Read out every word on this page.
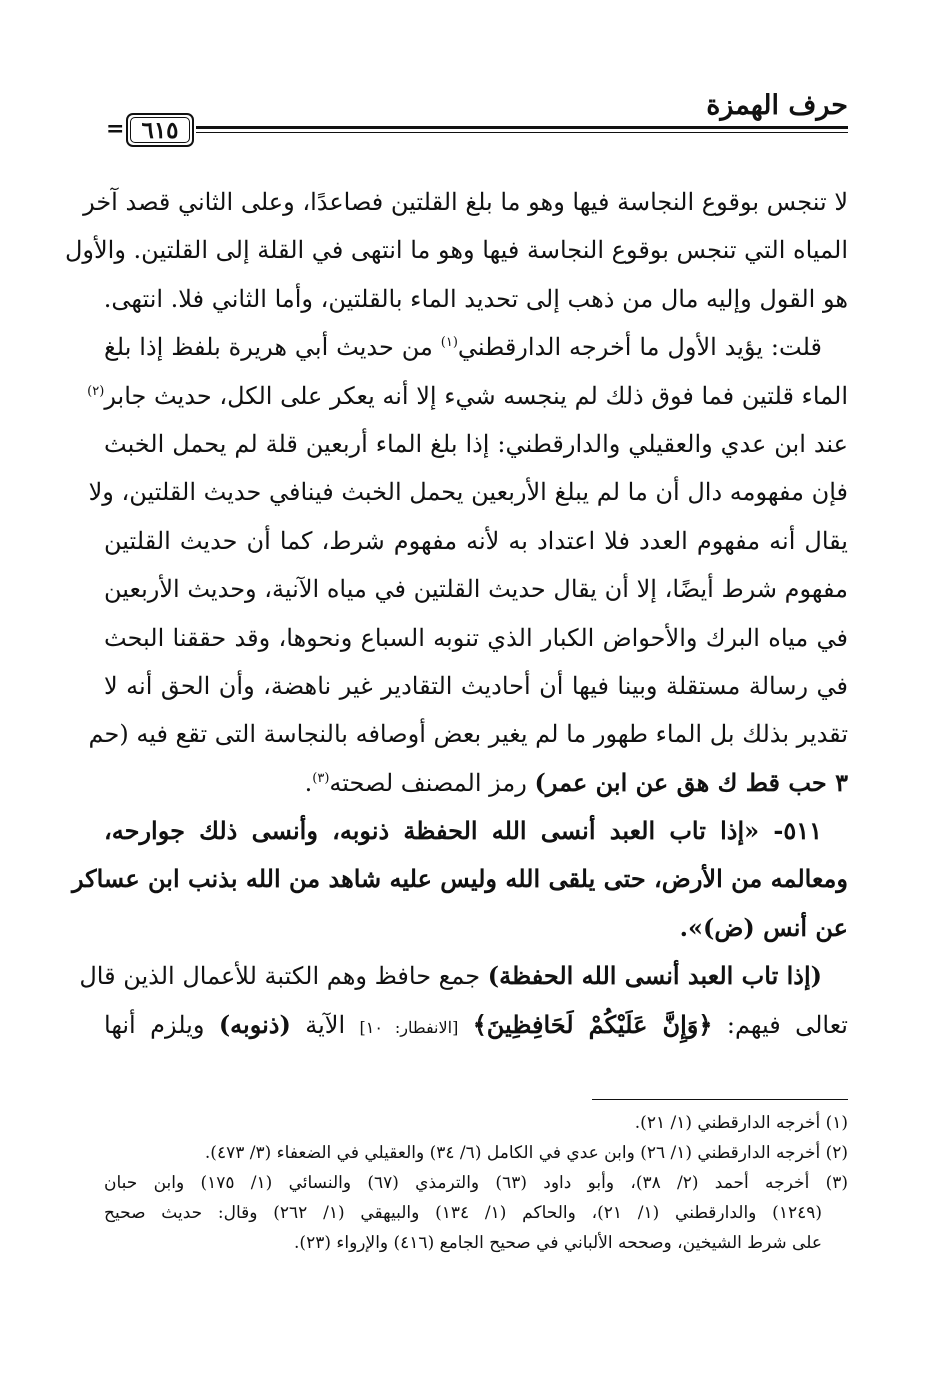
حرف الهمزة
٦١٥
=
لا تنجس بوقوع النجاسة فيها وهو ما بلغ القلتين فصاعدًا، وعلى الثاني قصد آخر
المياه التي تنجس بوقوع النجاسة فيها وهو ما انتهى في القلة إلى القلتين. والأول
هو القول وإليه مال من ذهب إلى تحديد الماء بالقلتين، وأما الثاني فلا. انتهى.
قلت: يؤيد الأول ما أخرجه الدارقطني$^{(١)}$ من حديث أبي هريرة بلفظ إذا بلغ
الماء قلتين فما فوق ذلك لم ينجسه شيء إلا أنه يعكر على الكل، حديث جابر$^{(٢)}$
عند ابن عدي والعقيلي والدارقطني: إذا بلغ الماء أربعين قلة لم يحمل الخبث
فإن مفهومه دال أن ما لم يبلغ الأربعين يحمل الخبث فينافي حديث القلتين، ولا
يقال أنه مفهوم العدد فلا اعتداد به لأنه مفهوم شرط، كما أن حديث القلتين
مفهوم شرط أيضًا، إلا أن يقال حديث القلتين في مياه الآنية، وحديث الأربعين
في مياه البرك والأحواض الكبار الذي تنوبه السباع ونحوها، وقد حققنا البحث
في رسالة مستقلة وبينا فيها أن أحاديث التقادير غير ناهضة، وأن الحق أنه لا
تقدير بذلك بل الماء طهور ما لم يغير بعض أوصافه بالنجاسة التى تقع فيه (حم
٣ حب قط ك هق عن ابن عمر) رمز المصنف لصحته$^{(٣)}$.
٥١١- «إذا تاب العبد أنسى الله الحفظة ذنوبه، وأنسى ذلك جوارحه،
ومعالمه من الأرض، حتى يلقى الله وليس عليه شاهد من الله بذنب ابن عساكر
عن أنس (ض)».
(إذا تاب العبد أنسى الله الحفظة) جمع حافظ وهم الكتبة للأعمال الذين قال
تعالى فيهم: ﴿وَإِنَّ عَلَيْكُمْ لَحَافِظِينَ﴾ [الانفطار: ١٠] الآية (ذنوبه) ويلزم أنها
(١) أخرجه الدارقطني (١/ ٢١).
(٢) أخرجه الدارقطني (١/ ٢٦) وابن عدي في الكامل (٦/ ٣٤) والعقيلي في الضعفاء (٣/ ٤٧٣).
(٣) أخرجه أحمد (٢/ ٣٨)، وأبو داود (٦٣) والترمذي (٦٧) والنسائي (١/ ١٧٥) وابن حبان
(١٢٤٩) والدارقطني (١/ ٢١)، والحاكم (١/ ١٣٤) والبيهقي (١/ ٢٦٢) وقال: حديث صحيح
على شرط الشيخين، وصححه الألباني في صحيح الجامع (٤١٦) والإرواء (٢٣).
